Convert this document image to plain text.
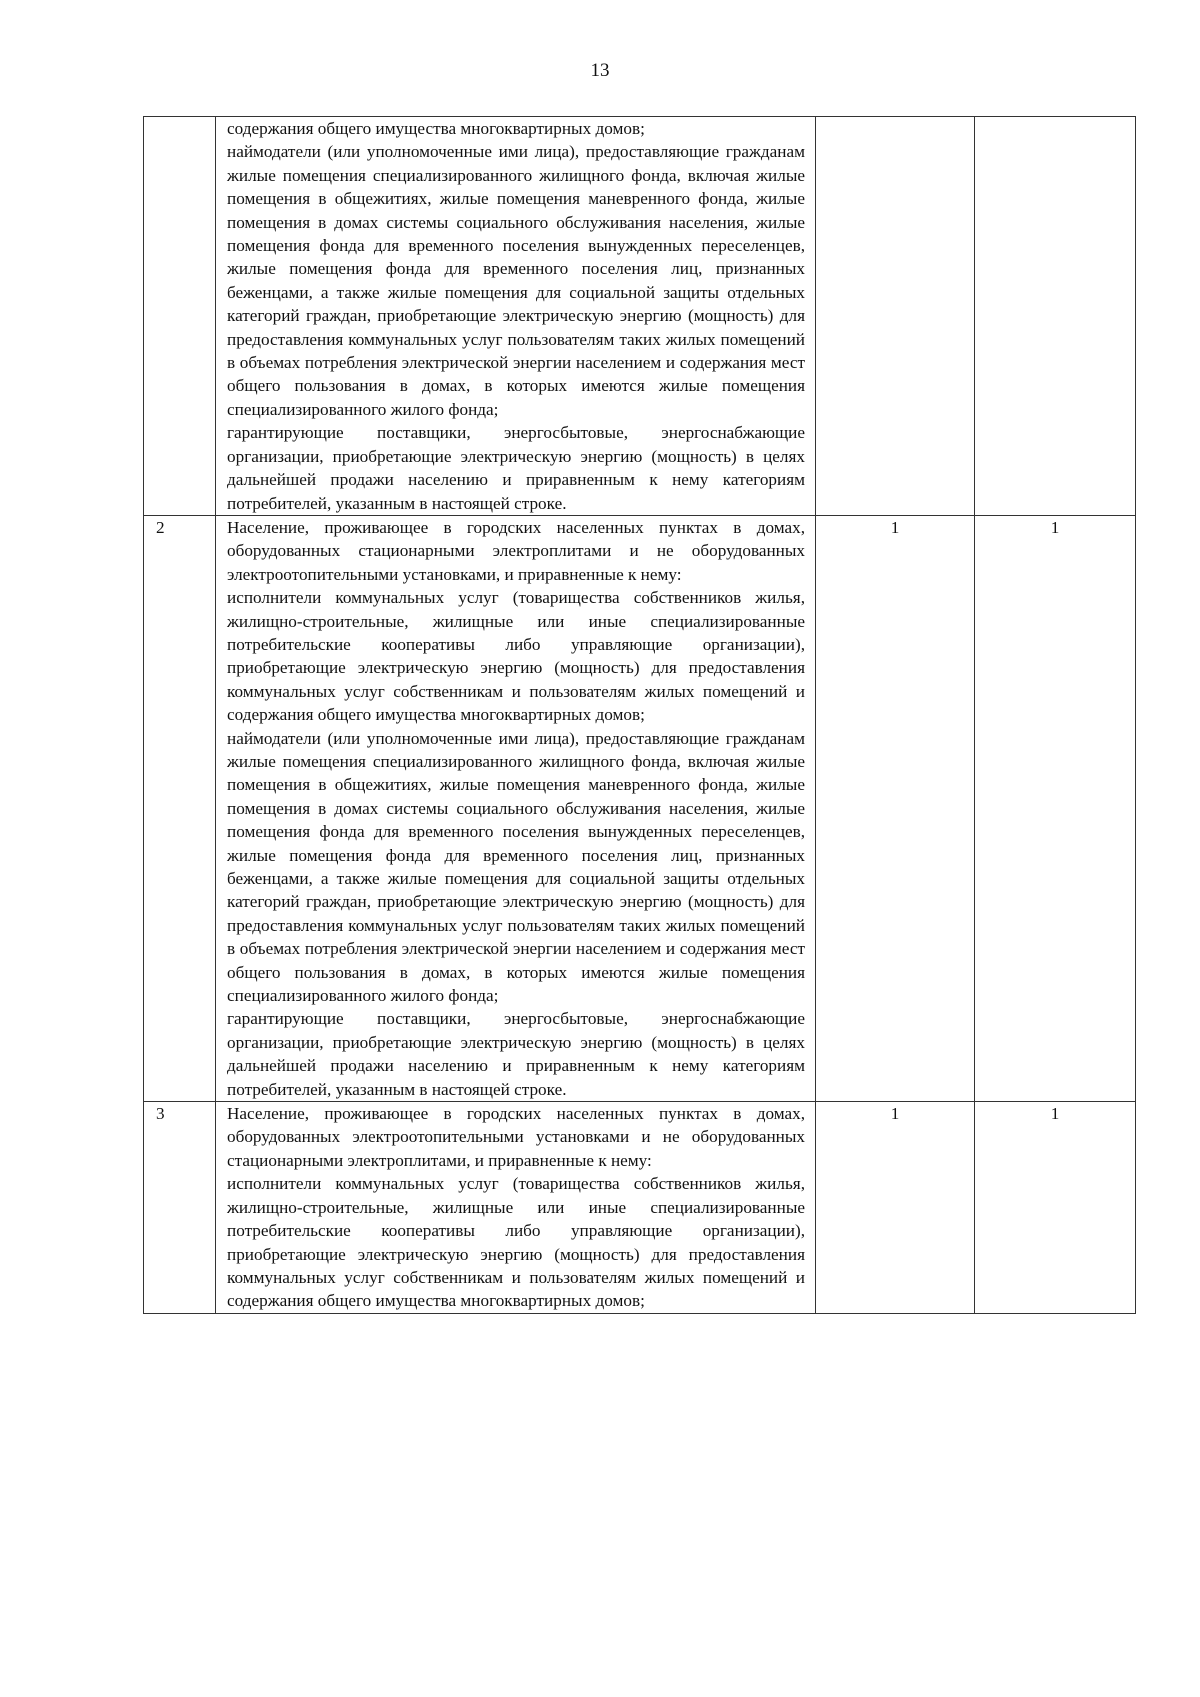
13

	содержания общего имущества многоквартирных домов;
наймодатели (или уполномоченные ими лица), предоставляющие гражданам жилые помещения специализированного жилищного фонда, включая жилые помещения в общежитиях, жилые помещения маневренного фонда, жилые помещения в домах системы социального обслуживания населения, жилые помещения фонда для временного поселения вынужденных переселенцев, жилые помещения фонда для временного поселения лиц, признанных беженцами, а также жилые помещения для социальной защиты отдельных категорий граждан, приобретающие электрическую энергию (мощность) для предоставления коммунальных услуг пользователям таких жилых помещений в объемах потребления электрической энергии населением и содержания мест общего пользования в домах, в которых имеются жилые помещения специализированного жилого фонда;
гарантирующие поставщики, энергосбытовые, энергоснабжающие организации, приобретающие электрическую энергию (мощность) в целях дальнейшей продажи населению и приравненным к нему категориям потребителей, указанным в настоящей строке.		

2	Население, проживающее в городских населенных пунктах в домах, оборудованных стационарными электроплитами и не оборудованных электроотопительными установками, и приравненные к нему:
исполнители коммунальных услуг (товарищества собственников жилья, жилищно-строительные, жилищные или иные специализированные потребительские кооперативы либо управляющие организации), приобретающие электрическую энергию (мощность) для предоставления коммунальных услуг собственникам и пользователям жилых помещений и содержания общего имущества многоквартирных домов;
наймодатели (или уполномоченные ими лица), предоставляющие гражданам жилые помещения специализированного жилищного фонда, включая жилые помещения в общежитиях, жилые помещения маневренного фонда, жилые помещения в домах системы социального обслуживания населения, жилые помещения фонда для временного поселения вынужденных переселенцев, жилые помещения фонда для временного поселения лиц, признанных беженцами, а также жилые помещения для социальной защиты отдельных категорий граждан, приобретающие электрическую энергию (мощность) для предоставления коммунальных услуг пользователям таких жилых помещений в объемах потребления электрической энергии населением и содержания мест общего пользования в домах, в которых имеются жилые помещения специализированного жилого фонда;
гарантирующие поставщики, энергосбытовые, энергоснабжающие организации, приобретающие электрическую энергию (мощность) в целях дальнейшей продажи населению и приравненным к нему категориям потребителей, указанным в настоящей строке.	1	1
3	Население, проживающее в городских населенных пунктах в домах, оборудованных электроотопительными установками и не оборудованных стационарными электроплитами, и приравненные к нему:
исполнители коммунальных услуг (товарищества собственников жилья, жилищно-строительные, жилищные или иные специализированные потребительские кооперативы либо управляющие организации), приобретающие электрическую энергию (мощность) для предоставления коммунальных услуг собственникам и пользователям жилых помещений и содержания общего имущества многоквартирных домов;	1	1
